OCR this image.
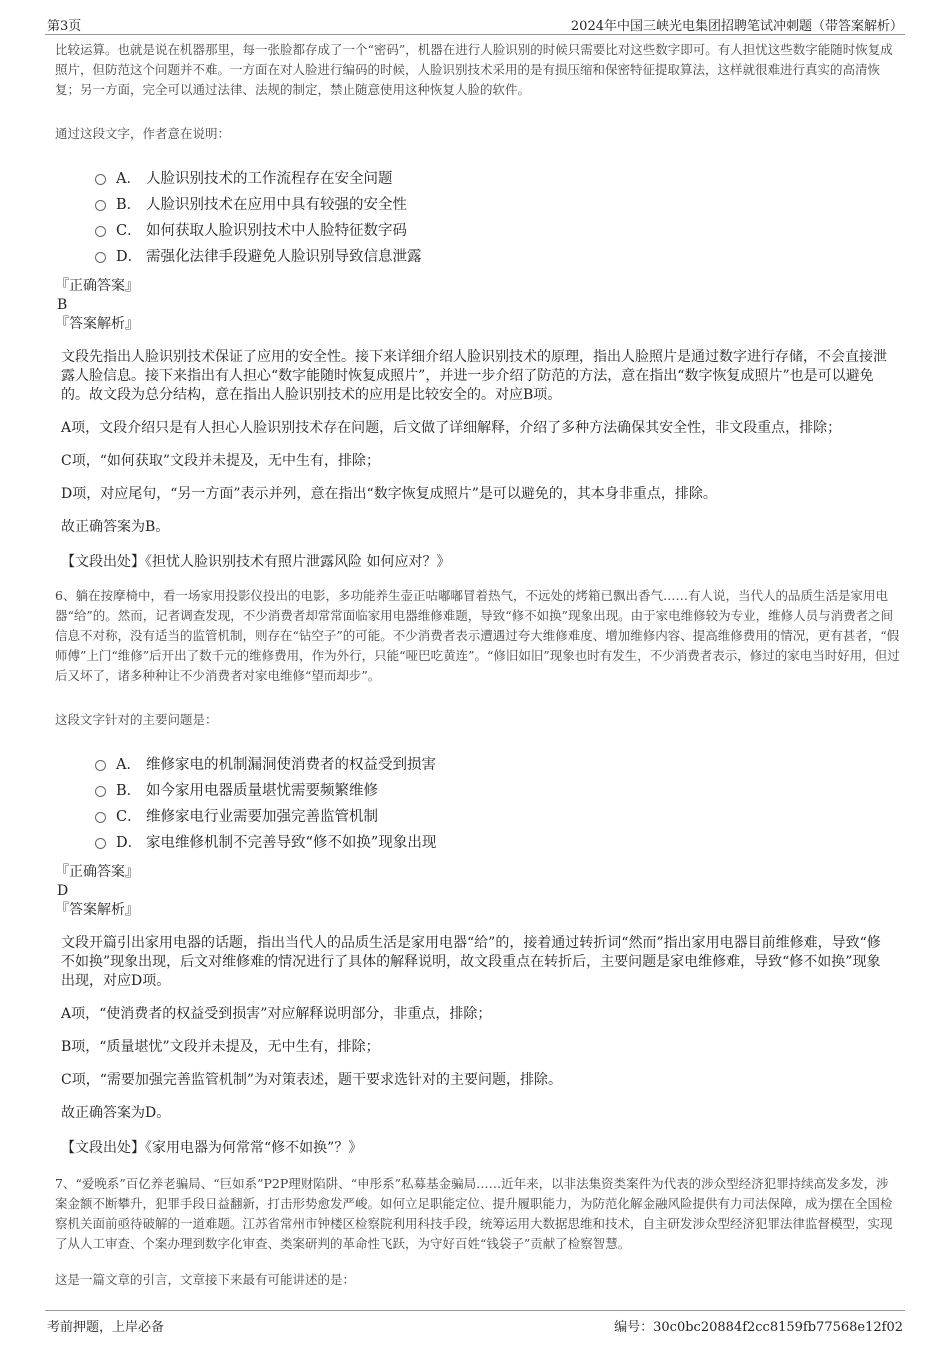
第3页	2024年中国三峡光电集团招聘笔试冲刺题（带答案解析）

比较运算。也就是说在机器那里，每一张脸都存成了一个“密码”，机器在进行人脸识别的时候只需要比对这些数字即可。有人担忧这些数字能随时恢复成照片，但防范这个问题并不难。一方面在对人脸进行编码的时候，人脸识别技术采用的是有损压缩和保密特征提取算法，这样就很难进行真实的高清恢复；另一方面，完全可以通过法律、法规的制定，禁止随意使用这种恢复人脸的软件。

通过这段文字，作者意在说明：

A． 人脸识别技术的工作流程存在安全问题
B． 人脸识别技术在应用中具有较强的安全性
C． 如何获取人脸识别技术中人脸特征数字码
D． 需强化法律手段避免人脸识别导致信息泄露

『正确答案』

B

『答案解析』

文段先指出人脸识别技术保证了应用的安全性。接下来详细介绍人脸识别技术的原理，指出人脸照片是通过数字进行存储，不会直接泄露人脸信息。接下来指出有人担心“数字能随时恢复成照片”，并进一步介绍了防范的方法，意在指出“数字恢复成照片”也是可以避免的。故文段为总分结构，意在指出人脸识别技术的应用是比较安全的。对应B项。

A项，文段介绍只是有人担心人脸识别技术存在问题，后文做了详细解释，介绍了多种方法确保其安全性，非文段重点，排除；

C项，“如何获取”文段并未提及，无中生有，排除；

D项，对应尾句，“另一方面”表示并列，意在指出“数字恢复成照片”是可以避免的，其本身非重点，排除。

故正确答案为B。

【文段出处】《担忧人脸识别技术有照片泄露风险 如何应对？》

6、躺在按摩椅中，看一场家用投影仪投出的电影，多功能养生壶正咕嘟嘟冒着热气，不远处的烤箱已飘出香气……有人说，当代人的品质生活是家用电器“给”的。然而，记者调查发现，不少消费者却常常面临家用电器维修难题，导致“修不如换”现象出现。由于家电维修较为专业，维修人员与消费者之间信息不对称，没有适当的监管机制，则存在“钻空子”的可能。不少消费者表示遭遇过夸大维修难度、增加维修内容、提高维修费用的情况，更有甚者，“假师傅”上门“维修”后开出了数千元的维修费用，作为外行，只能“哑巴吃黄连”。“修旧如旧”现象也时有发生，不少消费者表示，修过的家电当时好用，但过后又坏了，诸多种种让不少消费者对家电维修“望而却步”。

这段文字针对的主要问题是：

A． 维修家电的机制漏洞使消费者的权益受到损害
B． 如今家用电器质量堪忧需要频繁维修
C． 维修家电行业需要加强完善监管机制
D． 家电维修机制不完善导致“修不如换”现象出现

『正确答案』

D

『答案解析』

文段开篇引出家用电器的话题，指出当代人的品质生活是家用电器“给”的，接着通过转折词“然而”指出家用电器目前维修难，导致“修不如换”现象出现，后文对维修难的情况进行了具体的解释说明，故文段重点在转折后，主要问题是家电维修难，导致“修不如换”现象出现，对应D项。

A项，“使消费者的权益受到损害”对应解释说明部分，非重点，排除；

B项，“质量堪忧”文段并未提及，无中生有，排除；

C项，“需要加强完善监管机制”为对策表述，题干要求选针对的主要问题，排除。

故正确答案为D。

【文段出处】《家用电器为何常常“修不如换”？》

7、“爱晚系”百亿养老骗局、“巨如系”P2P理财陷阱、“申彤系”私募基金骗局……近年来，以非法集资类案件为代表的涉众型经济犯罪持续高发多发，涉案金额不断攀升，犯罪手段日益翻新，打击形势愈发严峻。如何立足职能定位、提升履职能力，为防范化解金融风险提供有力司法保障，成为摆在全国检察机关面前亟待破解的一道难题。江苏省常州市钟楼区检察院利用科技手段，统筹运用大数据思维和技术，自主研发涉众型经济犯罪法律监督模型，实现了从人工审查、个案办理到数字化审查、类案研判的革命性飞跃，为守好百姓“钱袋子”贡献了检察智慧。

这是一篇文章的引言，文章接下来最有可能讲述的是：

考前押题，上岸必备	编号：30c0bc20884f2cc8159fb77568e12f02
